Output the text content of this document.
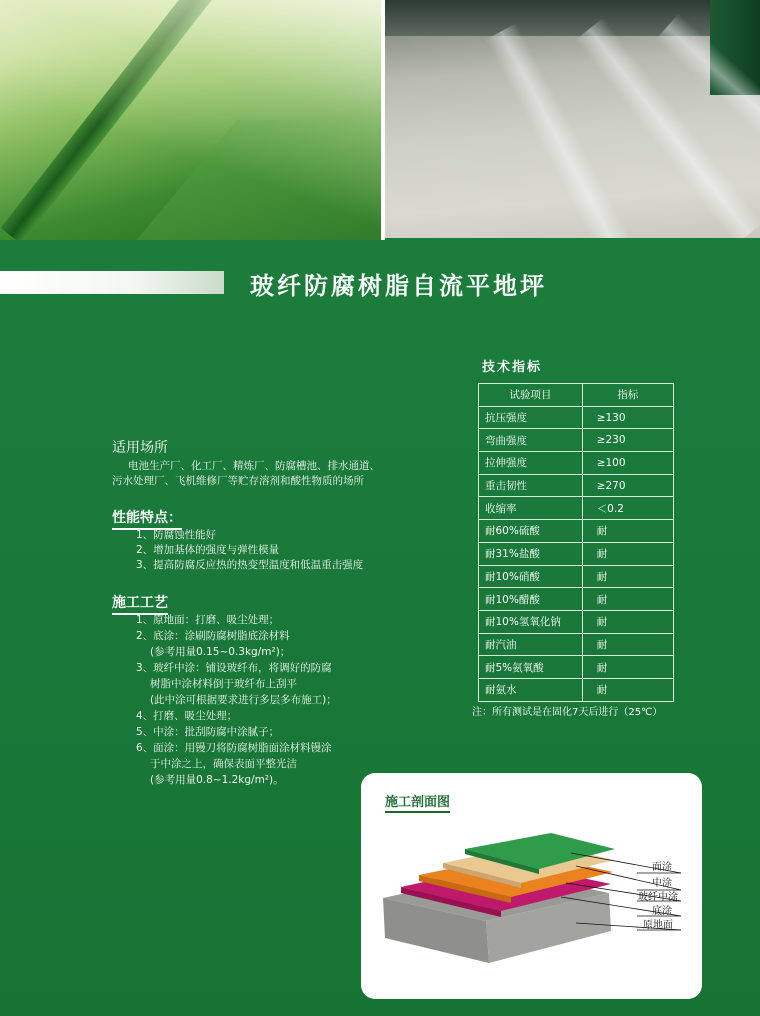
玻纤防腐树脂自流平地坪
适用场所
电池生产厂、化工厂、精炼厂、防腐槽池、排水通道、
污水处理厂、飞机维修厂等贮存溶剂和酸性物质的场所
性能特点：
1、防腐蚀性能好
2、增加基体的强度与弹性模量
3、提高防腐反应热的热变型温度和低温重击强度
施工工艺
1、原地面：打磨、吸尘处理；
2、底涂：涂刷防腐树脂底涂材料
(参考用量0.15~0.3kg/m²)；
3、玻纤中涂：铺设玻纤布，将调好的防腐
树脂中涂材料倒于玻纤布上刮平
(此中涂可根据要求进行多层多布施工)；
4、打磨、吸尘处理；
5、中涂：批刮防腐中涂腻子；
6、面涂：用镘刀将防腐树脂面涂材料镘涂
于中涂之上，确保表面平整光洁
(参考用量0.8~1.2kg/m²)。
技术指标
试验项目	指标
抗压强度	≥130
弯曲强度	≥230
拉伸强度	≥100
重击韧性	≥270
收缩率	＜0.2
耐60%硫酸	耐
耐31%盐酸	耐
耐10%硝酸	耐
耐10%醋酸	耐
耐10%氢氧化钠	耐
耐汽油	耐
耐5%氨氧酸	耐
耐氨水	耐
注：所有测试是在固化7天后进行（25℃）
施工剖面图
面涂
中涂
玻纤中涂
底涂
原地面
